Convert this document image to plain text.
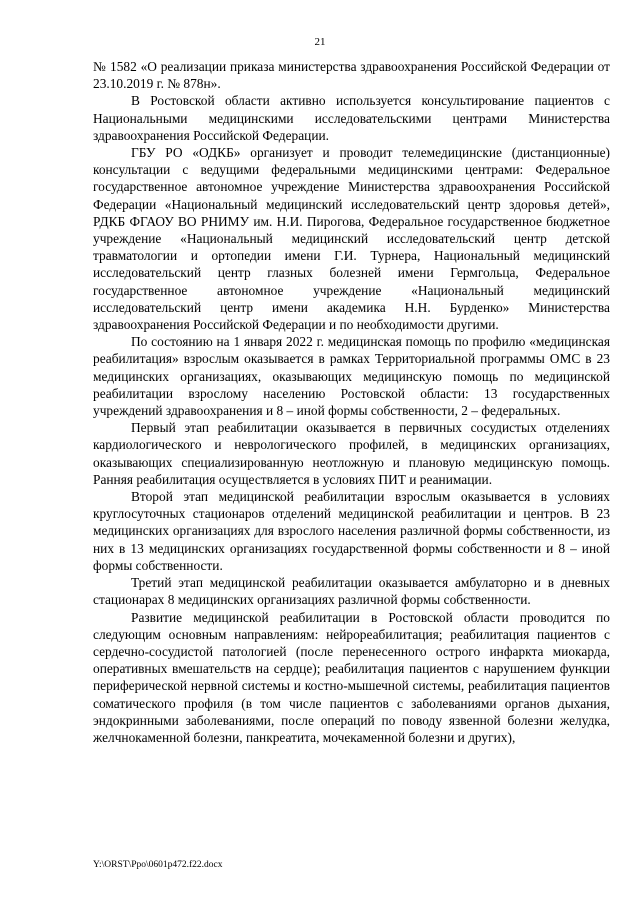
21

№ 1582 «О реализации приказа министерства здравоохранения Российской Федерации от 23.10.2019 г. № 878н».

В Ростовской области активно используется консультирование пациентов с Национальными медицинскими исследовательскими центрами Министерства здравоохранения Российской Федерации.

ГБУ РО «ОДКБ» организует и проводит телемедицинские (дистанционные) консультации с ведущими федеральными медицинскими центрами: Федеральное государственное автономное учреждение Министерства здравоохранения Российской Федерации «Национальный медицинский исследовательский центр здоровья детей», РДКБ ФГАОУ ВО РНИМУ им. Н.И. Пирогова, Федеральное государственное бюджетное учреждение «Национальный медицинский исследовательский центр детской травматологии и ортопедии имени Г.И. Турнера, Национальный медицинский исследовательский центр глазных болезней имени Гермгольца, Федеральное государственное автономное учреждение «Национальный медицинский исследовательский центр имени академика Н.Н. Бурденко» Министерства здравоохранения Российской Федерации и по необходимости другими.

По состоянию на 1 января 2022 г. медицинская помощь по профилю «медицинская реабилитация» взрослым оказывается в рамках Территориальной программы ОМС в 23 медицинских организациях, оказывающих медицинскую помощь по медицинской реабилитации взрослому населению Ростовской области: 13 государственных учреждений здравоохранения и 8 – иной формы собственности, 2 – федеральных.

Первый этап реабилитации оказывается в первичных сосудистых отделениях кардиологического и неврологического профилей, в медицинских организациях, оказывающих специализированную неотложную и плановую медицинскую помощь. Ранняя реабилитация осуществляется в условиях ПИТ и реанимации.

Второй этап медицинской реабилитации взрослым оказывается в условиях круглосуточных стационаров отделений медицинской реабилитации и центров. В 23 медицинских организациях для взрослого населения различной формы собственности, из них в 13 медицинских организациях государственной формы собственности и 8 – иной формы собственности.

Третий этап медицинской реабилитации оказывается амбулаторно и в дневных стационарах 8 медицинских организациях различной формы собственности.

Развитие медицинской реабилитации в Ростовской области проводится по следующим основным направлениям: нейрореабилитация; реабилитация пациентов с сердечно-сосудистой патологией (после перенесенного острого инфаркта миокарда, оперативных вмешательств на сердце); реабилитация пациентов с нарушением функции периферической нервной системы и костно-мышечной системы, реабилитация пациентов соматического профиля (в том числе пациентов с заболеваниями органов дыхания, эндокринными заболеваниями, после операций по поводу язвенной болезни желудка, желчнокаменной болезни, панкреатита, мочекаменной болезни и других),

Y:\ORST\Ppo\0601p472.f22.docx
